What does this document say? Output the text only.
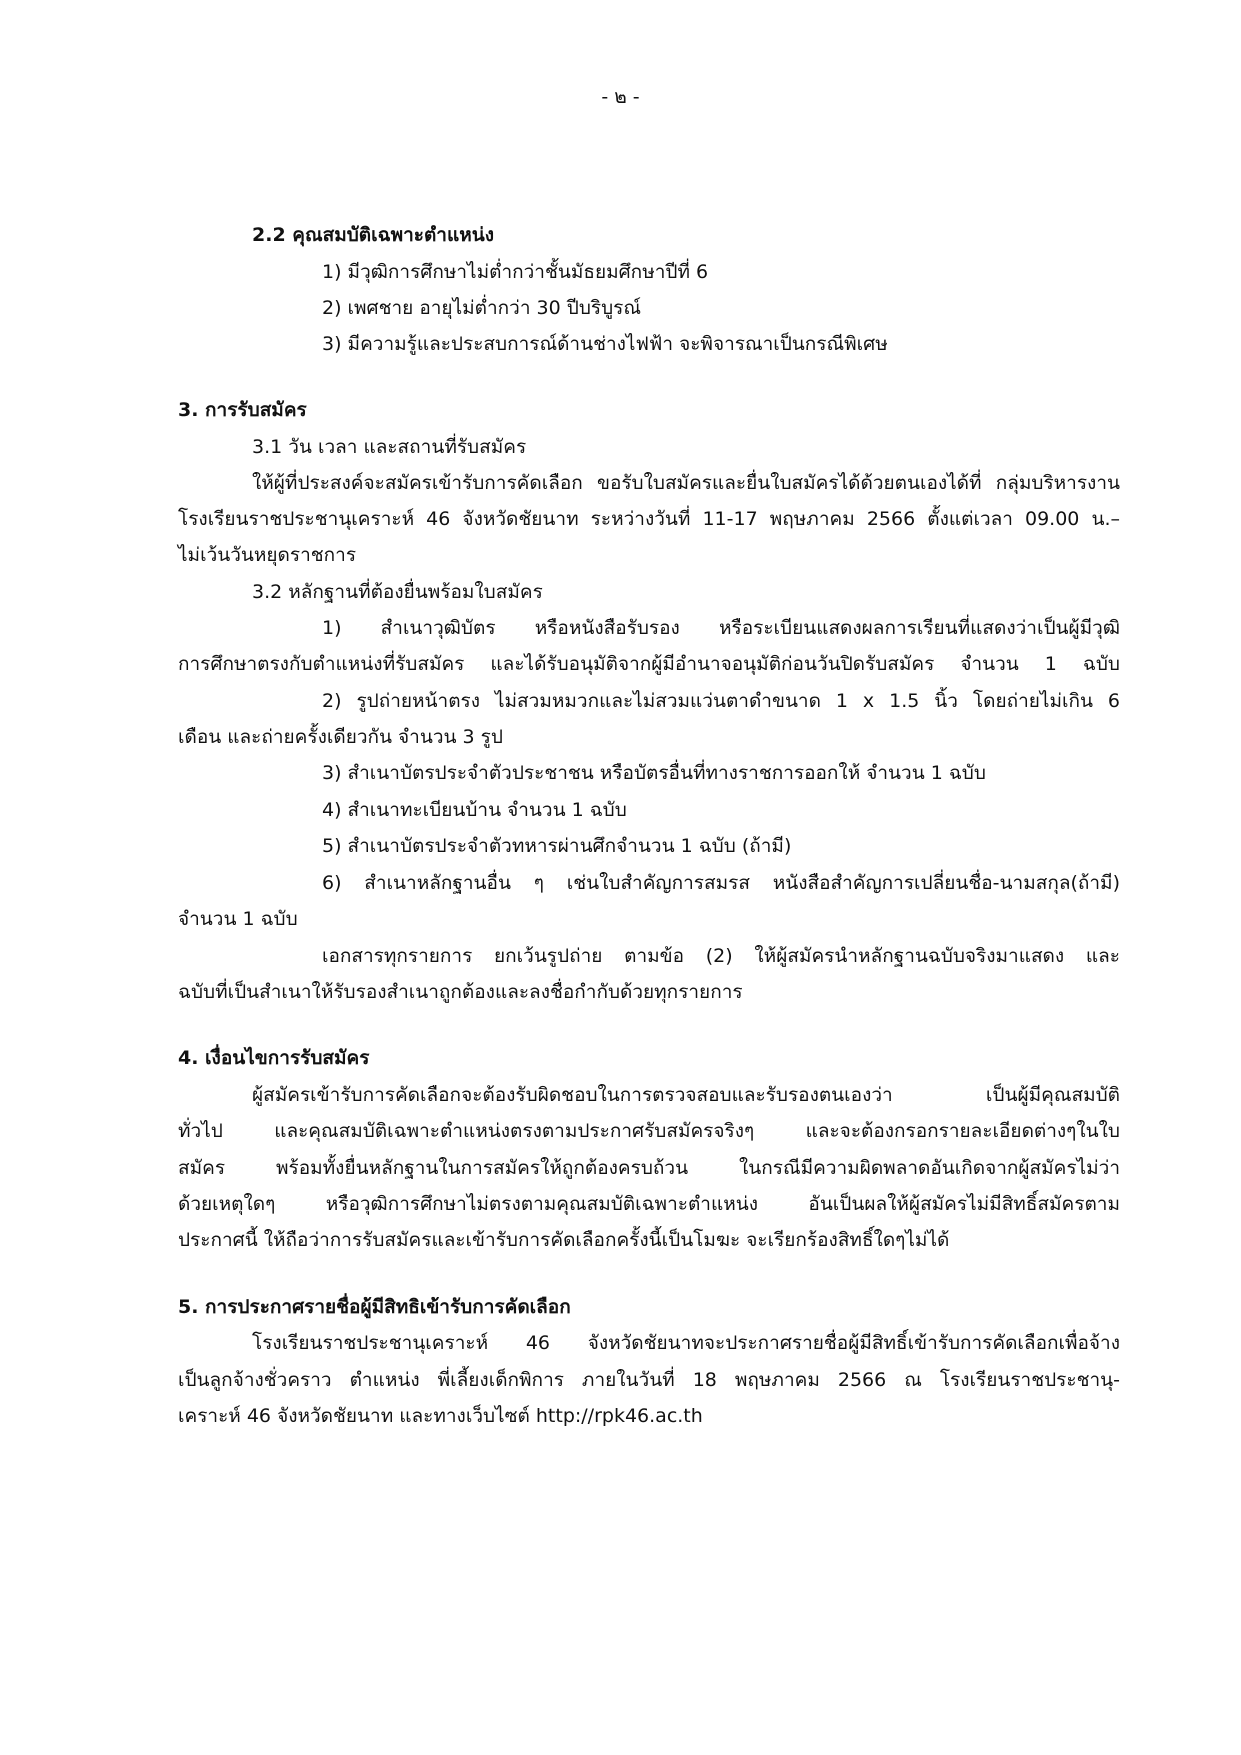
- ๒ -
2.2 คุณสมบัติเฉพาะตำแหน่ง
1) มีวุฒิการศึกษาไม่ต่ำกว่าชั้นมัธยมศึกษาปีที่ 6
2) เพศชาย อายุไม่ต่ำกว่า 30 ปีบริบูรณ์
3) มีความรู้และประสบการณ์ด้านช่างไฟฟ้า จะพิจารณาเป็นกรณีพิเศษ
3. การรับสมัคร
3.1 วัน เวลา และสถานที่รับสมัคร
ให้ผู้ที่ประสงค์จะสมัครเข้ารับการคัดเลือก ขอรับใบสมัครและยื่นใบสมัครได้ด้วยตนเองได้ที่ กลุ่มบริหารงาน
โรงเรียนราชประชานุเคราะห์ 46 จังหวัดชัยนาท ระหว่างวันที่ 11-17 พฤษภาคม 2566 ตั้งแต่เวลา 09.00 น.–
ไม่เว้นวันหยุดราชการ
3.2 หลักฐานที่ต้องยื่นพร้อมใบสมัคร
1) สำเนาวุฒิบัตร หรือหนังสือรับรอง หรือระเบียนแสดงผลการเรียนที่แสดงว่าเป็นผู้มีวุฒิ
การศึกษาตรงกับตำแหน่งที่รับสมัคร และได้รับอนุมัติจากผู้มีอำนาจอนุมัติก่อนวันปิดรับสมัคร จำนวน 1 ฉบับ
2) รูปถ่ายหน้าตรง ไม่สวมหมวกและไม่สวมแว่นตาดำขนาด 1 x 1.5 นิ้ว โดยถ่ายไม่เกิน 6
เดือน และถ่ายครั้งเดียวกัน จำนวน 3 รูป
3) สำเนาบัตรประจำตัวประชาชน หรือบัตรอื่นที่ทางราชการออกให้ จำนวน 1 ฉบับ
4) สำเนาทะเบียนบ้าน จำนวน 1 ฉบับ
5) สำเนาบัตรประจำตัวทหารผ่านศึกจำนวน 1 ฉบับ (ถ้ามี)
6) สำเนาหลักฐานอื่น ๆ เช่นใบสำคัญการสมรส หนังสือสำคัญการเปลี่ยนชื่อ-นามสกุล(ถ้ามี)
จำนวน 1 ฉบับ
เอกสารทุกรายการ ยกเว้นรูปถ่าย ตามข้อ (2) ให้ผู้สมัครนำหลักฐานฉบับจริงมาแสดง และ
ฉบับที่เป็นสำเนาให้รับรองสำเนาถูกต้องและลงชื่อกำกับด้วยทุกรายการ
4. เงื่อนไขการรับสมัคร
ผู้สมัครเข้ารับการคัดเลือกจะต้องรับผิดชอบในการตรวจสอบและรับรองตนเองว่า เป็นผู้มีคุณสมบัติ
ทั่วไป และคุณสมบัติเฉพาะตำแหน่งตรงตามประกาศรับสมัครจริงๆ และจะต้องกรอกรายละเอียดต่างๆในใบ
สมัคร พร้อมทั้งยื่นหลักฐานในการสมัครให้ถูกต้องครบถ้วน ในกรณีมีความผิดพลาดอันเกิดจากผู้สมัครไม่ว่า
ด้วยเหตุใดๆ หรือวุฒิการศึกษาไม่ตรงตามคุณสมบัติเฉพาะตำแหน่ง อันเป็นผลให้ผู้สมัครไม่มีสิทธิ์สมัครตาม
ประกาศนี้ ให้ถือว่าการรับสมัครและเข้ารับการคัดเลือกครั้งนี้เป็นโมฆะ จะเรียกร้องสิทธิ์ใดๆไม่ได้
5. การประกาศรายชื่อผู้มีสิทธิเข้ารับการคัดเลือก
โรงเรียนราชประชานุเคราะห์ 46 จังหวัดชัยนาทจะประกาศรายชื่อผู้มีสิทธิ์เข้ารับการคัดเลือกเพื่อจ้าง
เป็นลูกจ้างชั่วคราว ตำแหน่ง พี่เลี้ยงเด็กพิการ ภายในวันที่ 18 พฤษภาคม 2566 ณ โรงเรียนราชประชานุ-
เคราะห์ 46 จังหวัดชัยนาท และทางเว็บไซต์ http://rpk46.ac.th
